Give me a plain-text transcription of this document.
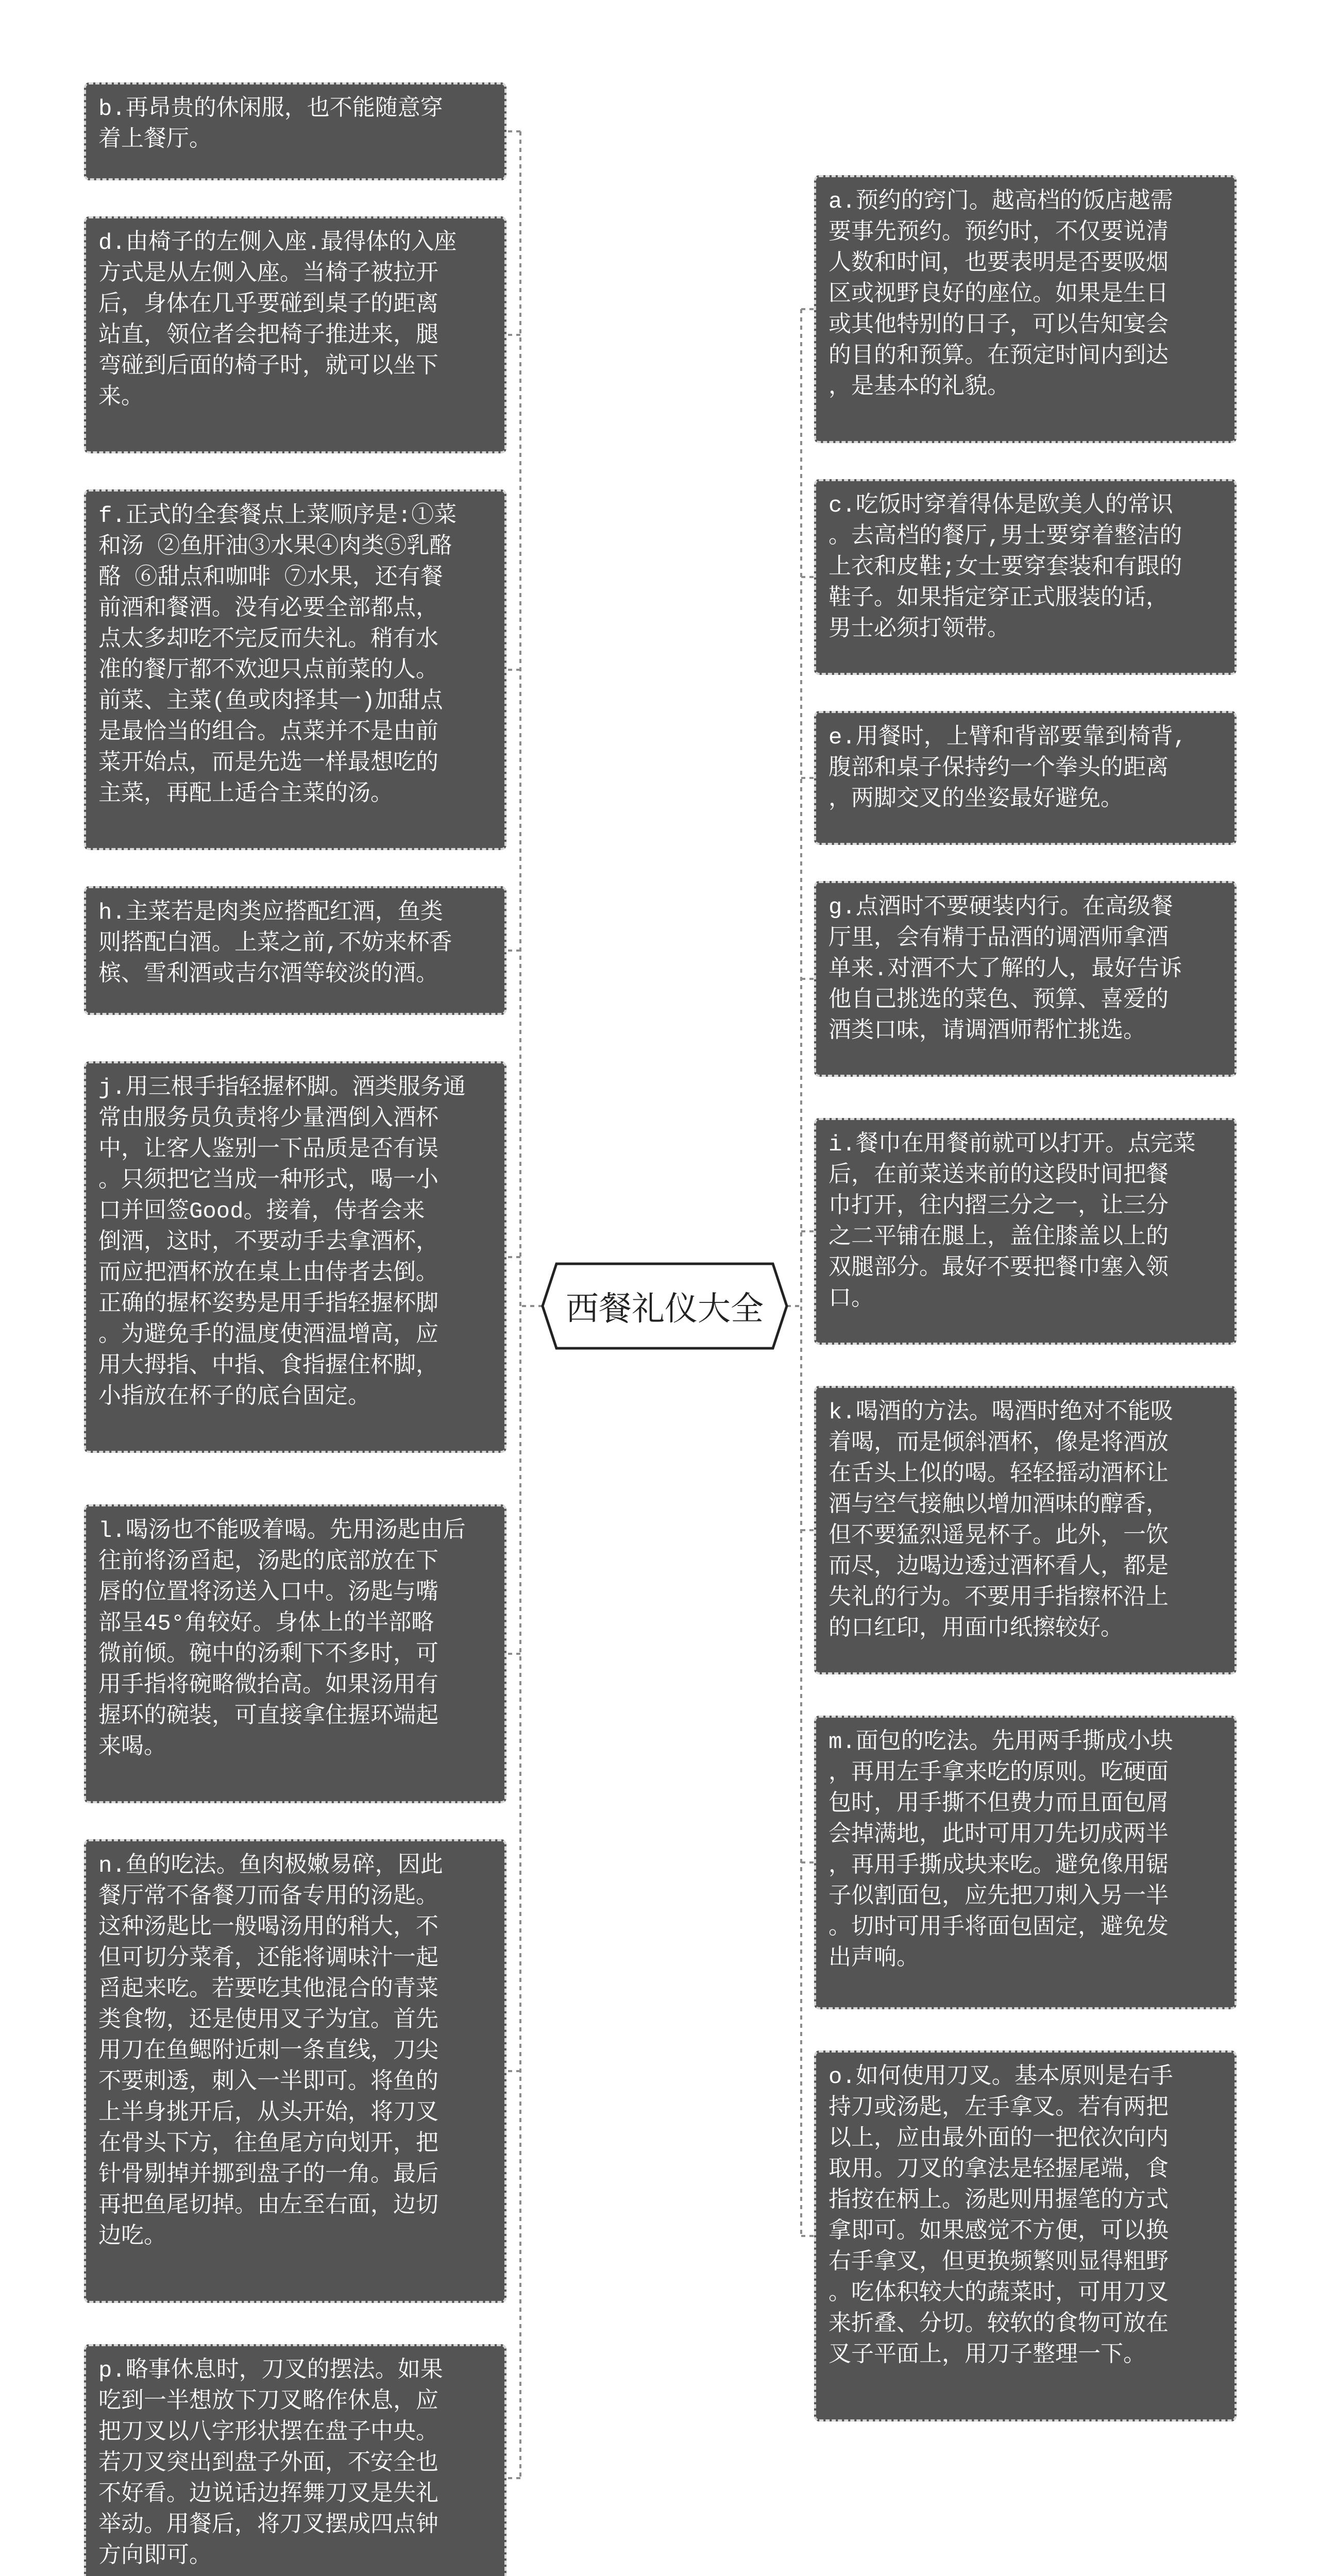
b.再昂贵的休闲服，也不能随意穿
着上餐厅。
d.由椅子的左侧入座.最得体的入座
方式是从左侧入座。当椅子被拉开
后，身体在几乎要碰到桌子的距离
站直，领位者会把椅子推进来，腿
弯碰到后面的椅子时，就可以坐下
来。
f.正式的全套餐点上菜顺序是:①菜
和汤 ②鱼肝油③水果④肉类⑤乳酪
酪 ⑥甜点和咖啡 ⑦水果，还有餐
前酒和餐酒。没有必要全部都点，
点太多却吃不完反而失礼。稍有水
准的餐厅都不欢迎只点前菜的人。
前菜、主菜(鱼或肉择其一)加甜点
是最恰当的组合。点菜并不是由前
菜开始点，而是先选一样最想吃的
主菜，再配上适合主菜的汤。
h.主菜若是肉类应搭配红酒，鱼类
则搭配白酒。上菜之前,不妨来杯香
槟、雪利酒或吉尔酒等较淡的酒。
j.用三根手指轻握杯脚。酒类服务通
常由服务员负责将少量酒倒入酒杯
中，让客人鉴别一下品质是否有误
。只须把它当成一种形式，喝一小
口并回签Good。接着，侍者会来
倒酒，这时，不要动手去拿酒杯，
而应把酒杯放在桌上由侍者去倒。
正确的握杯姿势是用手指轻握杯脚
。为避免手的温度使酒温增高，应
用大拇指、中指、食指握住杯脚，
小指放在杯子的底台固定。
l.喝汤也不能吸着喝。先用汤匙由后
往前将汤舀起，汤匙的底部放在下
唇的位置将汤送入口中。汤匙与嘴
部呈45°角较好。身体上的半部略
微前倾。碗中的汤剩下不多时，可
用手指将碗略微抬高。如果汤用有
握环的碗装，可直接拿住握环端起
来喝。
n.鱼的吃法。鱼肉极嫩易碎，因此
餐厅常不备餐刀而备专用的汤匙。
这种汤匙比一般喝汤用的稍大，不
但可切分菜肴，还能将调味汁一起
舀起来吃。若要吃其他混合的青菜
类食物，还是使用叉子为宜。首先
用刀在鱼鳃附近刺一条直线，刀尖
不要刺透，刺入一半即可。将鱼的
上半身挑开后，从头开始，将刀叉
在骨头下方，往鱼尾方向划开，把
针骨剔掉并挪到盘子的一角。最后
再把鱼尾切掉。由左至右面，边切
边吃。
p.略事休息时，刀叉的摆法。如果
吃到一半想放下刀叉略作休息，应
把刀叉以八字形状摆在盘子中央。
若刀叉突出到盘子外面，不安全也
不好看。边说话边挥舞刀叉是失礼
举动。用餐后，将刀叉摆成四点钟
方向即可。
西餐礼仪大全
a.预约的窍门。越高档的饭店越需
要事先预约。预约时，不仅要说清
人数和时间，也要表明是否要吸烟
区或视野良好的座位。如果是生日
或其他特别的日子，可以告知宴会
的目的和预算。在预定时间内到达
，是基本的礼貌。
c.吃饭时穿着得体是欧美人的常识
。去高档的餐厅,男士要穿着整洁的
上衣和皮鞋;女士要穿套装和有跟的
鞋子。如果指定穿正式服装的话，
男士必须打领带。
e.用餐时，上臂和背部要靠到椅背,
腹部和桌子保持约一个拳头的距离
，两脚交叉的坐姿最好避免。
g.点酒时不要硬装内行。在高级餐
厅里，会有精于品酒的调酒师拿酒
单来.对酒不大了解的人，最好告诉
他自己挑选的菜色、预算、喜爱的
酒类口味，请调酒师帮忙挑选。
i.餐巾在用餐前就可以打开。点完菜
后，在前菜送来前的这段时间把餐
巾打开，往内摺三分之一，让三分
之二平铺在腿上，盖住膝盖以上的
双腿部分。最好不要把餐巾塞入领
口。
k.喝酒的方法。喝酒时绝对不能吸
着喝，而是倾斜酒杯，像是将酒放
在舌头上似的喝。轻轻摇动酒杯让
酒与空气接触以增加酒味的醇香，
但不要猛烈遥晃杯子。此外，一饮
而尽，边喝边透过酒杯看人，都是
失礼的行为。不要用手指擦杯沿上
的口红印，用面巾纸擦较好。
m.面包的吃法。先用两手撕成小块
，再用左手拿来吃的原则。吃硬面
包时，用手撕不但费力而且面包屑
会掉满地，此时可用刀先切成两半
，再用手撕成块来吃。避免像用锯
子似割面包，应先把刀刺入另一半
。切时可用手将面包固定，避免发
出声响。
o.如何使用刀叉。基本原则是右手
持刀或汤匙，左手拿叉。若有两把
以上，应由最外面的一把依次向内
取用。刀叉的拿法是轻握尾端，食
指按在柄上。汤匙则用握笔的方式
拿即可。如果感觉不方便，可以换
右手拿叉，但更换频繁则显得粗野
。吃体积较大的蔬菜时，可用刀叉
来折叠、分切。较软的食物可放在
叉子平面上，用刀子整理一下。
